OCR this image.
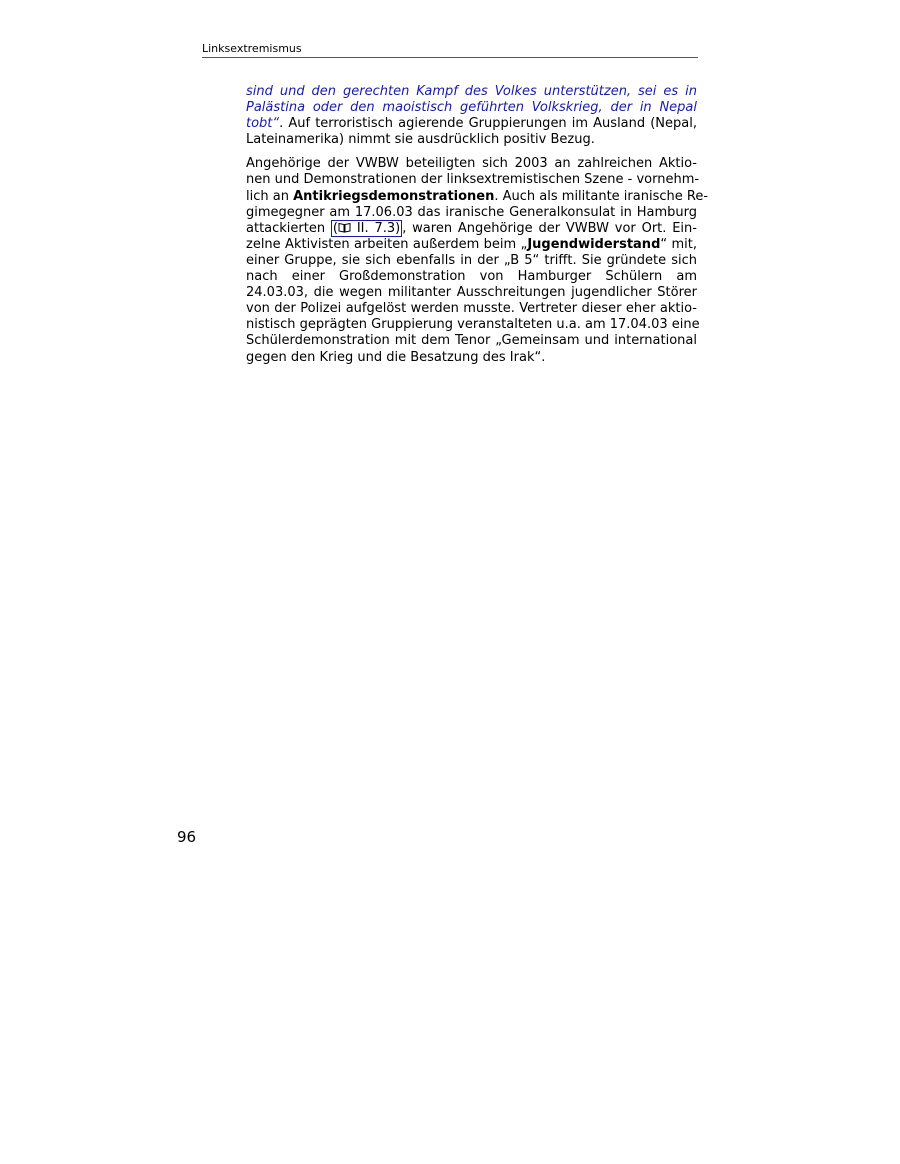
Linksextremismus

sind und den gerechten Kampf des Volkes unterstützen, sei es in
Palästina oder den maoistisch geführten Volkskrieg, der in Nepal
tobt“. Auf terroristisch agierende Gruppierungen im Ausland (Nepal,
Lateinamerika) nimmt sie ausdrücklich positiv Bezug.

Angehörige der VWBW beteiligten sich 2003 an zahlreichen Aktio-
nen und Demonstrationen der linksextremistischen Szene - vornehm-
lich an Antikriegsdemonstrationen. Auch als militante iranische Re-
gimegegner am 17.06.03 das iranische Generalkonsulat in Hamburg
attackierten ( II. 7.3) , waren Angehörige der VWBW vor Ort. Ein-
zelne Aktivisten arbeiten außerdem beim „Jugendwiderstand“ mit,
einer Gruppe, sie sich ebenfalls in der „B 5“ trifft. Sie gründete sich
nach einer Großdemonstration von Hamburger Schülern am
24.03.03, die wegen militanter Ausschreitungen jugendlicher Störer
von der Polizei aufgelöst werden musste. Vertreter dieser eher aktio-
nistisch geprägten Gruppierung veranstalteten u.a. am 17.04.03 eine
Schülerdemonstration mit dem Tenor „Gemeinsam und international
gegen den Krieg und die Besatzung des Irak“.

96
